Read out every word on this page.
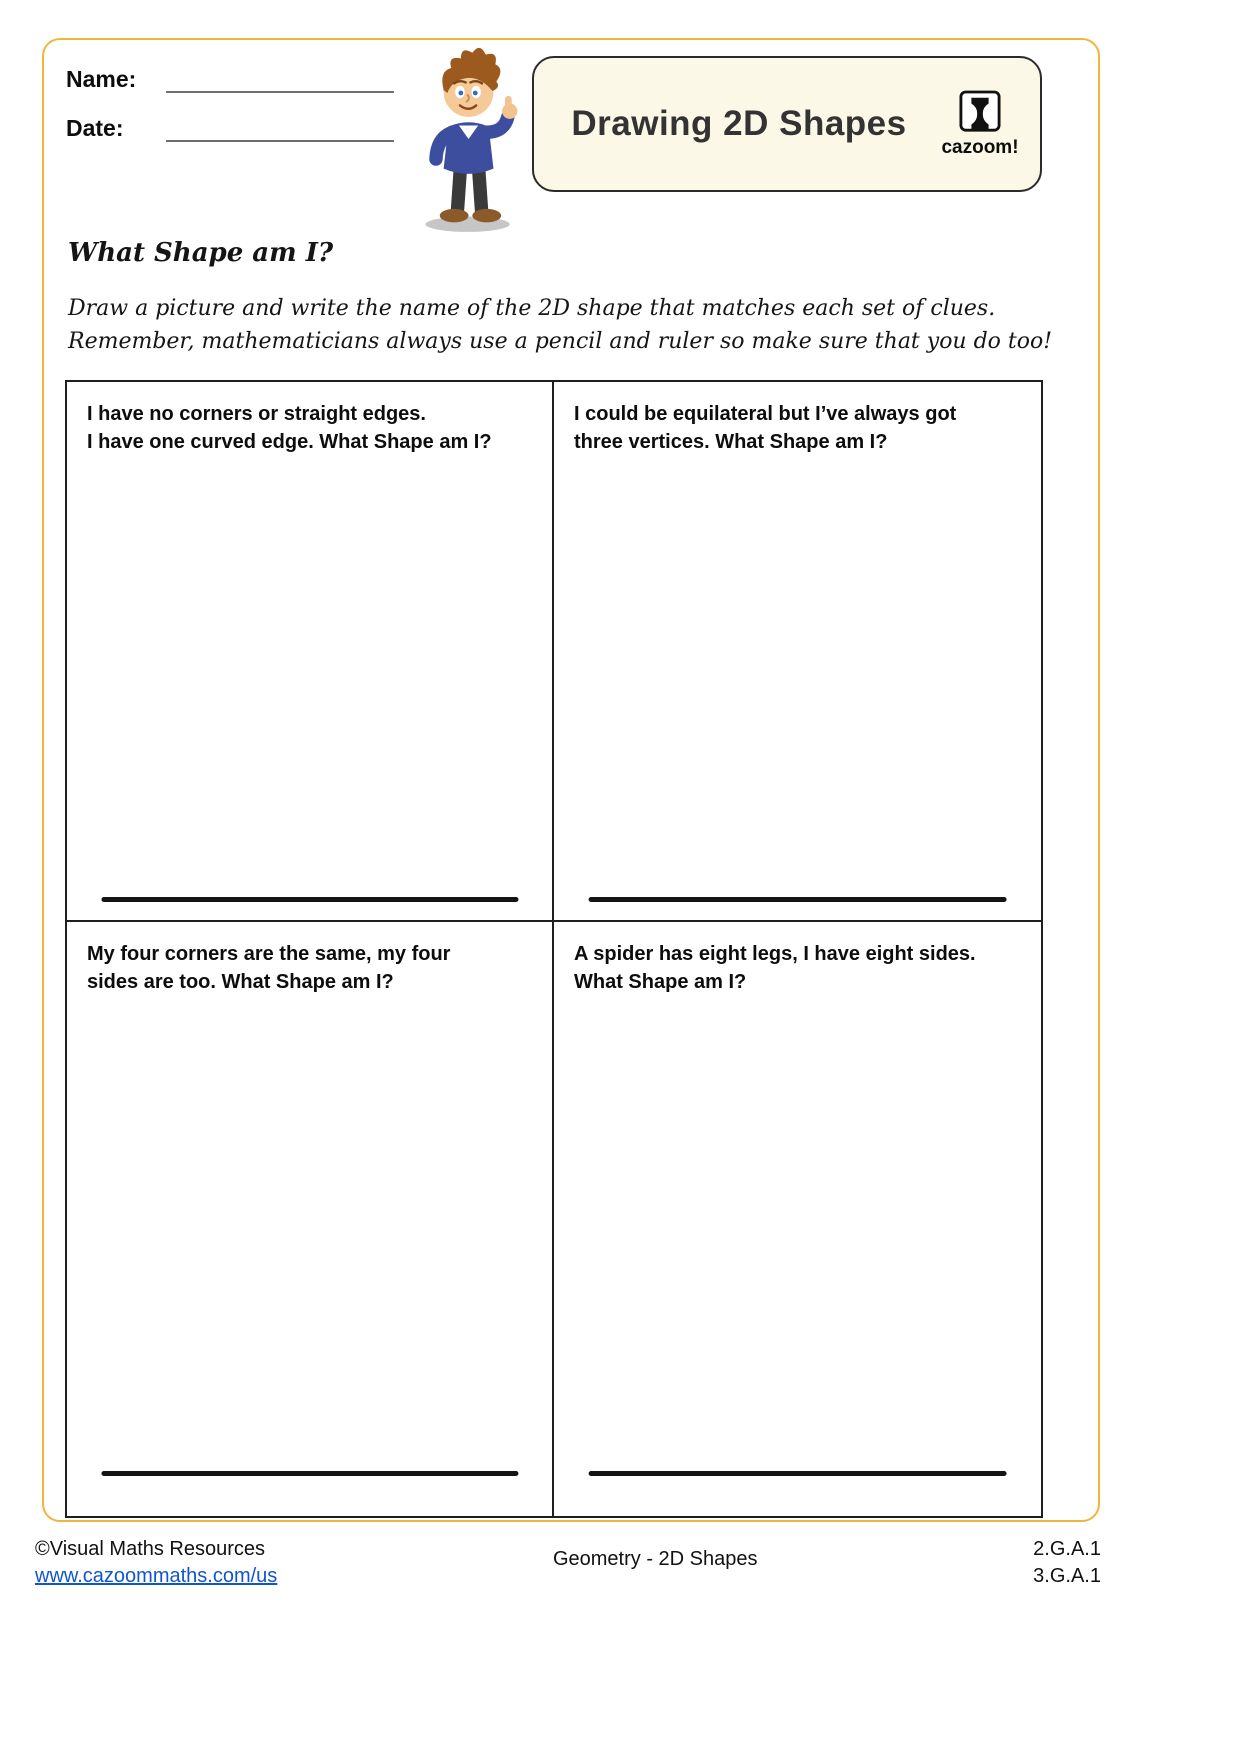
Name:
Date:	Drawing 2D Shapes
cazoom!
What Shape am I?
Draw a picture and write the name of the 2D shape that matches each set of clues.
Remember, mathematicians always use a pencil and ruler so make sure that you do too!
I have no corners or straight edges.
I have one curved edge. What Shape am I?
I could be equilateral but I’ve always got
three vertices. What Shape am I?
My four corners are the same, my four
sides are too. What Shape am I?
A spider has eight legs, I have eight sides.
What Shape am I?
©Visual Maths Resources
www.cazoommaths.com/us
Geometry - 2D Shapes	2.G.A.1
3.G.A.1
